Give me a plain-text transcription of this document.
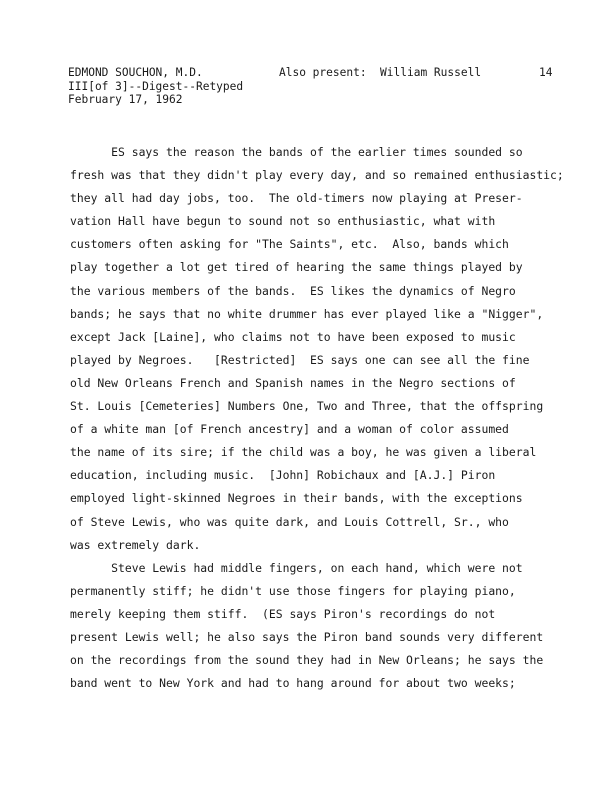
EDMOND SOUCHON, M.D.
III[of 3]--Digest--Retyped
February 17, 1962
Also present:  William Russell	14
ES says the reason the bands of the earlier times sounded so
fresh was that they didn't play every day, and so remained enthusiastic;
they all had day jobs, too.  The old-timers now playing at Preser-
vation Hall have begun to sound not so enthusiastic, what with
customers often asking for "The Saints", etc.  Also, bands which
play together a lot get tired of hearing the same things played by
the various members of the bands.  ES likes the dynamics of Negro
bands; he says that no white drummer has ever played like a "Nigger",
except Jack [Laine], who claims not to have been exposed to music
played by Negroes.   [Restricted]  ES says one can see all the fine
old New Orleans French and Spanish names in the Negro sections of
St. Louis [Cemeteries] Numbers One, Two and Three, that the offspring
of a white man [of French ancestry] and a woman of color assumed
the name of its sire; if the child was a boy, he was given a liberal
education, including music.  [John] Robichaux and [A.J.] Piron
employed light-skinned Negroes in their bands, with the exceptions
of Steve Lewis, who was quite dark, and Louis Cottrell, Sr., who
was extremely dark.
Steve Lewis had middle fingers, on each hand, which were not
permanently stiff; he didn't use those fingers for playing piano,
merely keeping them stiff.  (ES says Piron's recordings do not
present Lewis well; he also says the Piron band sounds very different
on the recordings from the sound they had in New Orleans; he says the
band went to New York and had to hang around for about two weeks;
